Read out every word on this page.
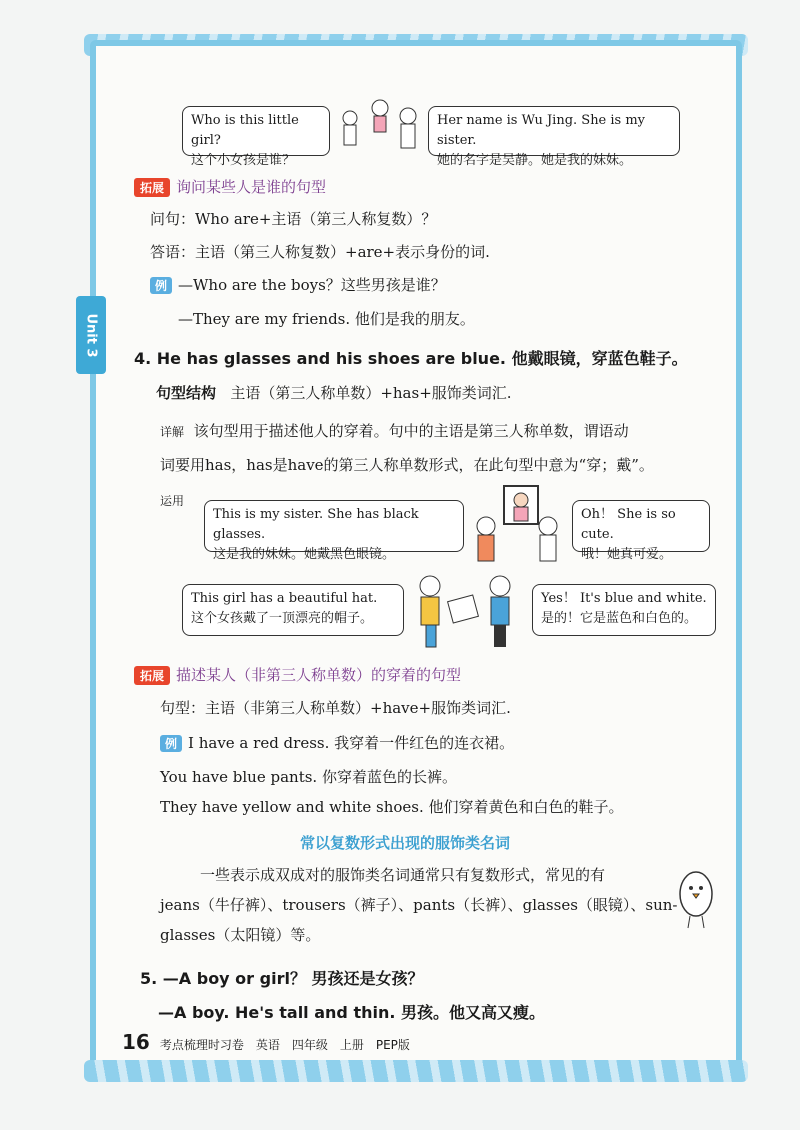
Unit 3
Who is this little girl?
这个小女孩是谁？
Her name is Wu Jing. She is my sister.
她的名字是吴静。她是我的妹妹。
拓展 询问某些人是谁的句型
问句：Who are+主语（第三人称复数）？
答语：主语（第三人称复数）+are+表示身份的词.
例 —Who are the boys？这些男孩是谁？
—They are my friends. 他们是我的朋友。
4. He has glasses and his shoes are blue. 他戴眼镜，穿蓝色鞋子。
句型结构 主语（第三人称单数）+has+服饰类词汇.
详解 该句型用于描述他人的穿着。句中的主语是第三人称单数，谓语动
词要用has，has是have的第三人称单数形式，在此句型中意为“穿；戴”。
运用
This is my sister. She has black glasses.
这是我的妹妹。她戴黑色眼镜。
Oh！ She is so cute.
哦！她真可爱。
This girl has a beautiful hat.
这个女孩戴了一顶漂亮的帽子。
Yes！ It's blue and white.
是的！它是蓝色和白色的。
拓展 描述某人（非第三人称单数）的穿着的句型
句型：主语（非第三人称单数）+have+服饰类词汇.
例 I have a red dress. 我穿着一件红色的连衣裙。
You have blue pants. 你穿着蓝色的长裤。
They have yellow and white shoes. 他们穿着黄色和白色的鞋子。
常以复数形式出现的服饰类名词
一些表示成双成对的服饰类名词通常只有复数形式，常见的有
jeans（牛仔裤）、trousers（裤子）、pants（长裤）、glasses（眼镜）、sun-
glasses（太阳镜）等。
5. —A boy or girl？ 男孩还是女孩？
—A boy. He's tall and thin. 男孩。他又高又瘦。
16 考点梳理时习卷　英语　四年级　上册　PEP版
